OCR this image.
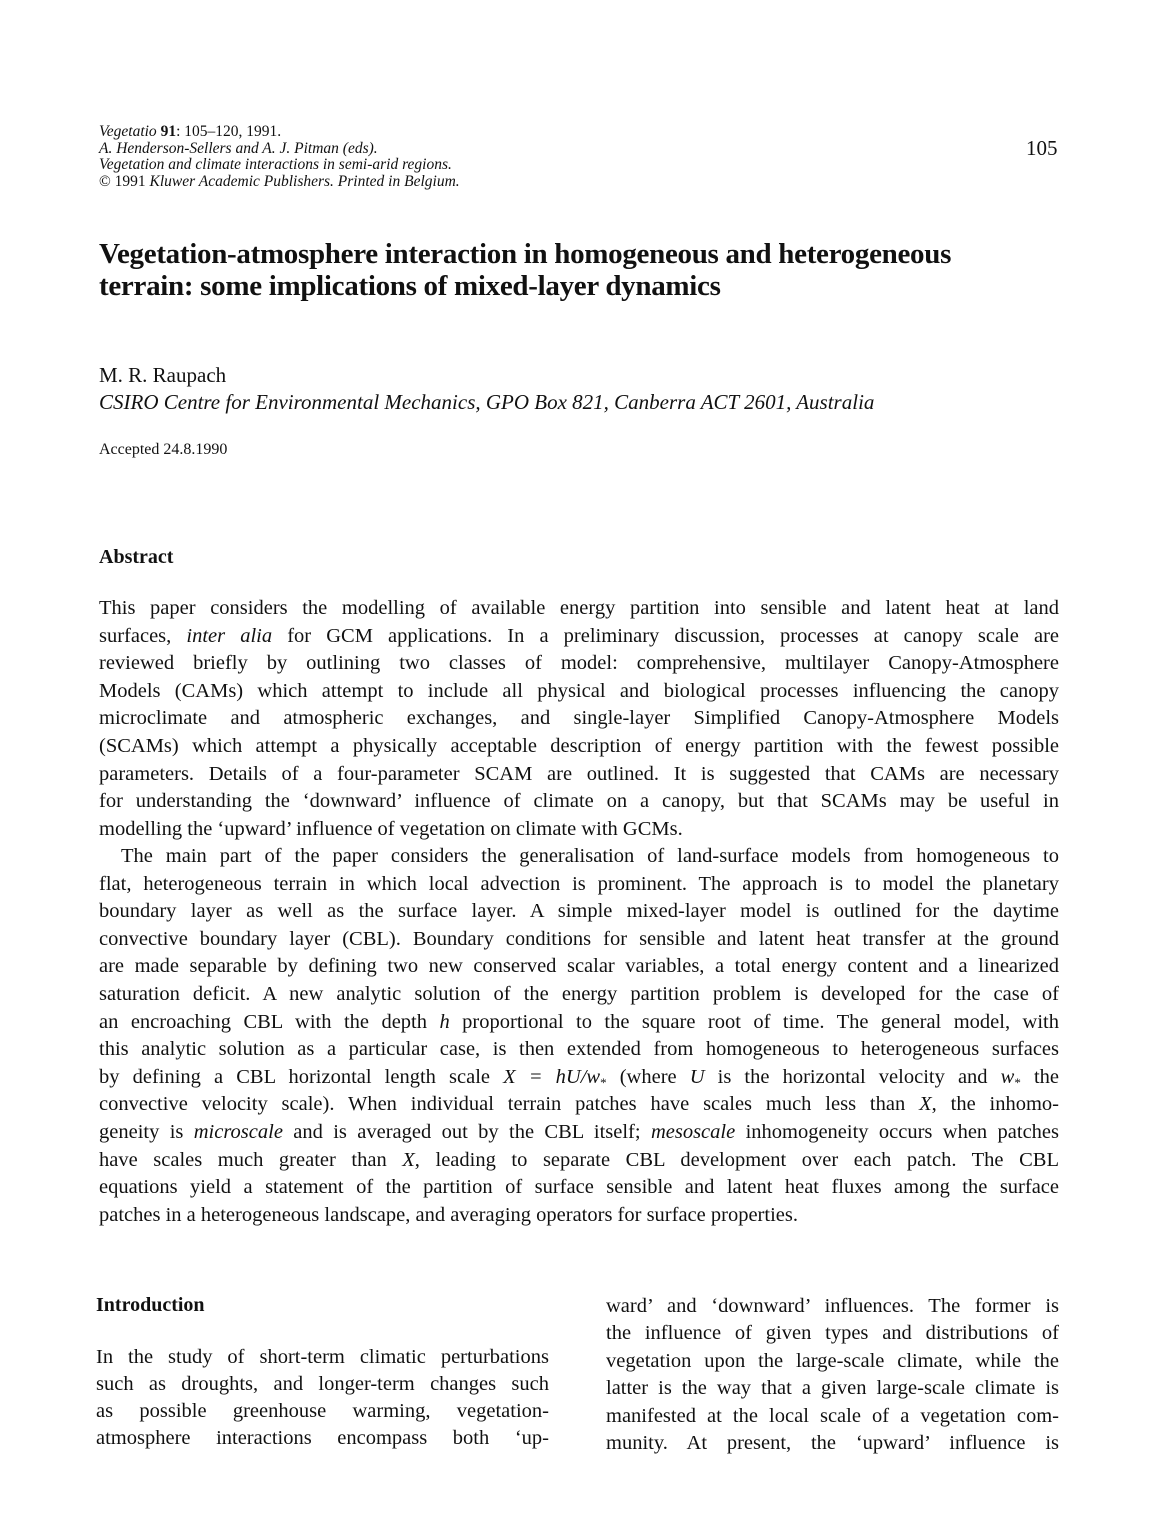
Vegetatio 91: 105–120, 1991.
A. Henderson-Sellers and A. J. Pitman (eds).
Vegetation and climate interactions in semi-arid regions.
© 1991 Kluwer Academic Publishers. Printed in Belgium.
105
Vegetation-atmosphere interaction in homogeneous and heterogeneous
terrain: some implications of mixed-layer dynamics
M. R. Raupach
CSIRO Centre for Environmental Mechanics, GPO Box 821, Canberra ACT 2601, Australia
Accepted 24.8.1990
Abstract
This paper considers the modelling of available energy partition into sensible and latent heat at land
surfaces, inter alia for GCM applications. In a preliminary discussion, processes at canopy scale are
reviewed briefly by outlining two classes of model: comprehensive, multilayer Canopy-Atmosphere
Models (CAMs) which attempt to include all physical and biological processes influencing the canopy
microclimate and atmospheric exchanges, and single-layer Simplified Canopy-Atmosphere Models
(SCAMs) which attempt a physically acceptable description of energy partition with the fewest possible
parameters. Details of a four-parameter SCAM are outlined. It is suggested that CAMs are necessary
for understanding the ‘downward’ influence of climate on a canopy, but that SCAMs may be useful in
modelling the ‘upward’ influence of vegetation on climate with GCMs.
The main part of the paper considers the generalisation of land-surface models from homogeneous to
flat, heterogeneous terrain in which local advection is prominent. The approach is to model the planetary
boundary layer as well as the surface layer. A simple mixed-layer model is outlined for the daytime
convective boundary layer (CBL). Boundary conditions for sensible and latent heat transfer at the ground
are made separable by defining two new conserved scalar variables, a total energy content and a linearized
saturation deficit. A new analytic solution of the energy partition problem is developed for the case of
an encroaching CBL with the depth h proportional to the square root of time. The general model, with
this analytic solution as a particular case, is then extended from homogeneous to heterogeneous surfaces
by defining a CBL horizontal length scale $X = hU/w_*$ (where U is the horizontal velocity and $w_*$ the
convective velocity scale). When individual terrain patches have scales much less than X, the inhomo-
geneity is microscale and is averaged out by the CBL itself; mesoscale inhomogeneity occurs when patches
have scales much greater than X, leading to separate CBL development over each patch. The CBL
equations yield a statement of the partition of surface sensible and latent heat fluxes among the surface
patches in a heterogeneous landscape, and averaging operators for surface properties.
Introduction
In the study of short-term climatic perturbations
such as droughts, and longer-term changes such
as possible greenhouse warming, vegetation-
atmosphere interactions encompass both ‘up-
ward’ and ‘downward’ influences. The former is
the influence of given types and distributions of
vegetation upon the large-scale climate, while the
latter is the way that a given large-scale climate is
manifested at the local scale of a vegetation com-
munity. At present, the ‘upward’ influence is
